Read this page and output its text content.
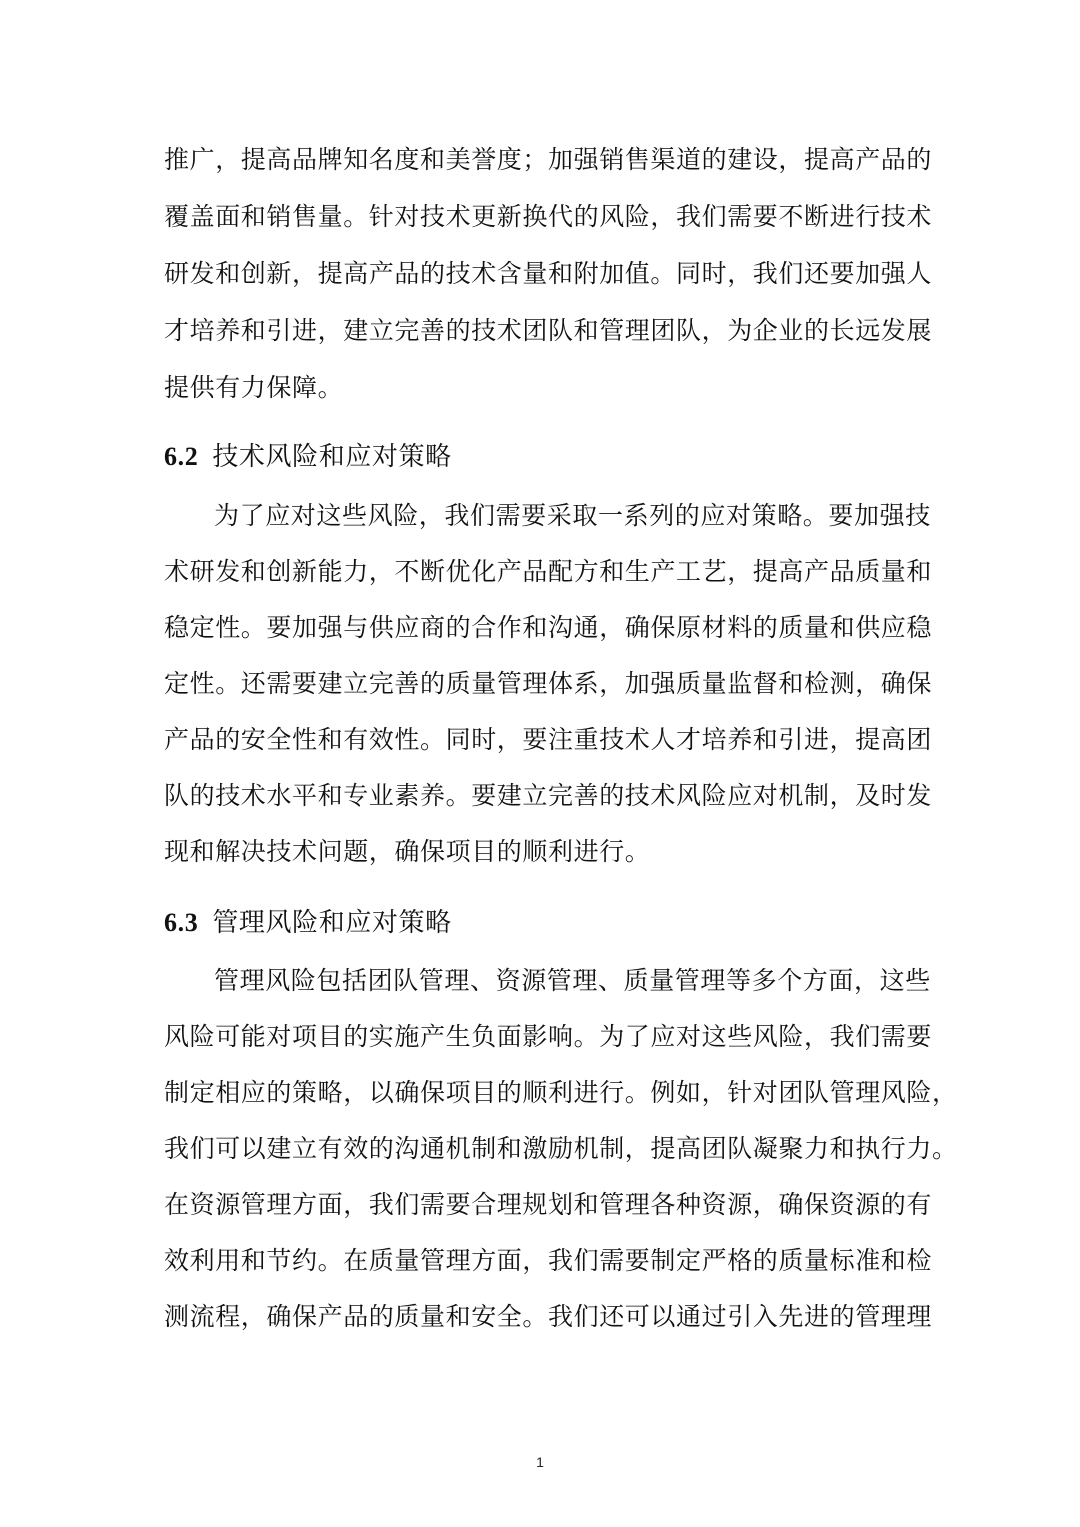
推广，提高品牌知名度和美誉度；加强销售渠道的建设，提高产品的
覆盖面和销售量。针对技术更新换代的风险，我们需要不断进行技术
研发和创新，提高产品的技术含量和附加值。同时，我们还要加强人
才培养和引进，建立完善的技术团队和管理团队，为企业的长远发展
提供有力保障。
6.2 技术风险和应对策略
为了应对这些风险，我们需要采取一系列的应对策略。要加强技
术研发和创新能力，不断优化产品配方和生产工艺，提高产品质量和
稳定性。要加强与供应商的合作和沟通，确保原材料的质量和供应稳
定性。还需要建立完善的质量管理体系，加强质量监督和检测，确保
产品的安全性和有效性。同时，要注重技术人才培养和引进，提高团
队的技术水平和专业素养。要建立完善的技术风险应对机制，及时发
现和解决技术问题，确保项目的顺利进行。
6.3 管理风险和应对策略
管理风险包括团队管理、资源管理、质量管理等多个方面，这些
风险可能对项目的实施产生负面影响。为了应对这些风险，我们需要
制定相应的策略，以确保项目的顺利进行。例如，针对团队管理风险，
我们可以建立有效的沟通机制和激励机制，提高团队凝聚力和执行力。
在资源管理方面，我们需要合理规划和管理各种资源，确保资源的有
效利用和节约。在质量管理方面，我们需要制定严格的质量标准和检
测流程，确保产品的质量和安全。我们还可以通过引入先进的管理理
1
